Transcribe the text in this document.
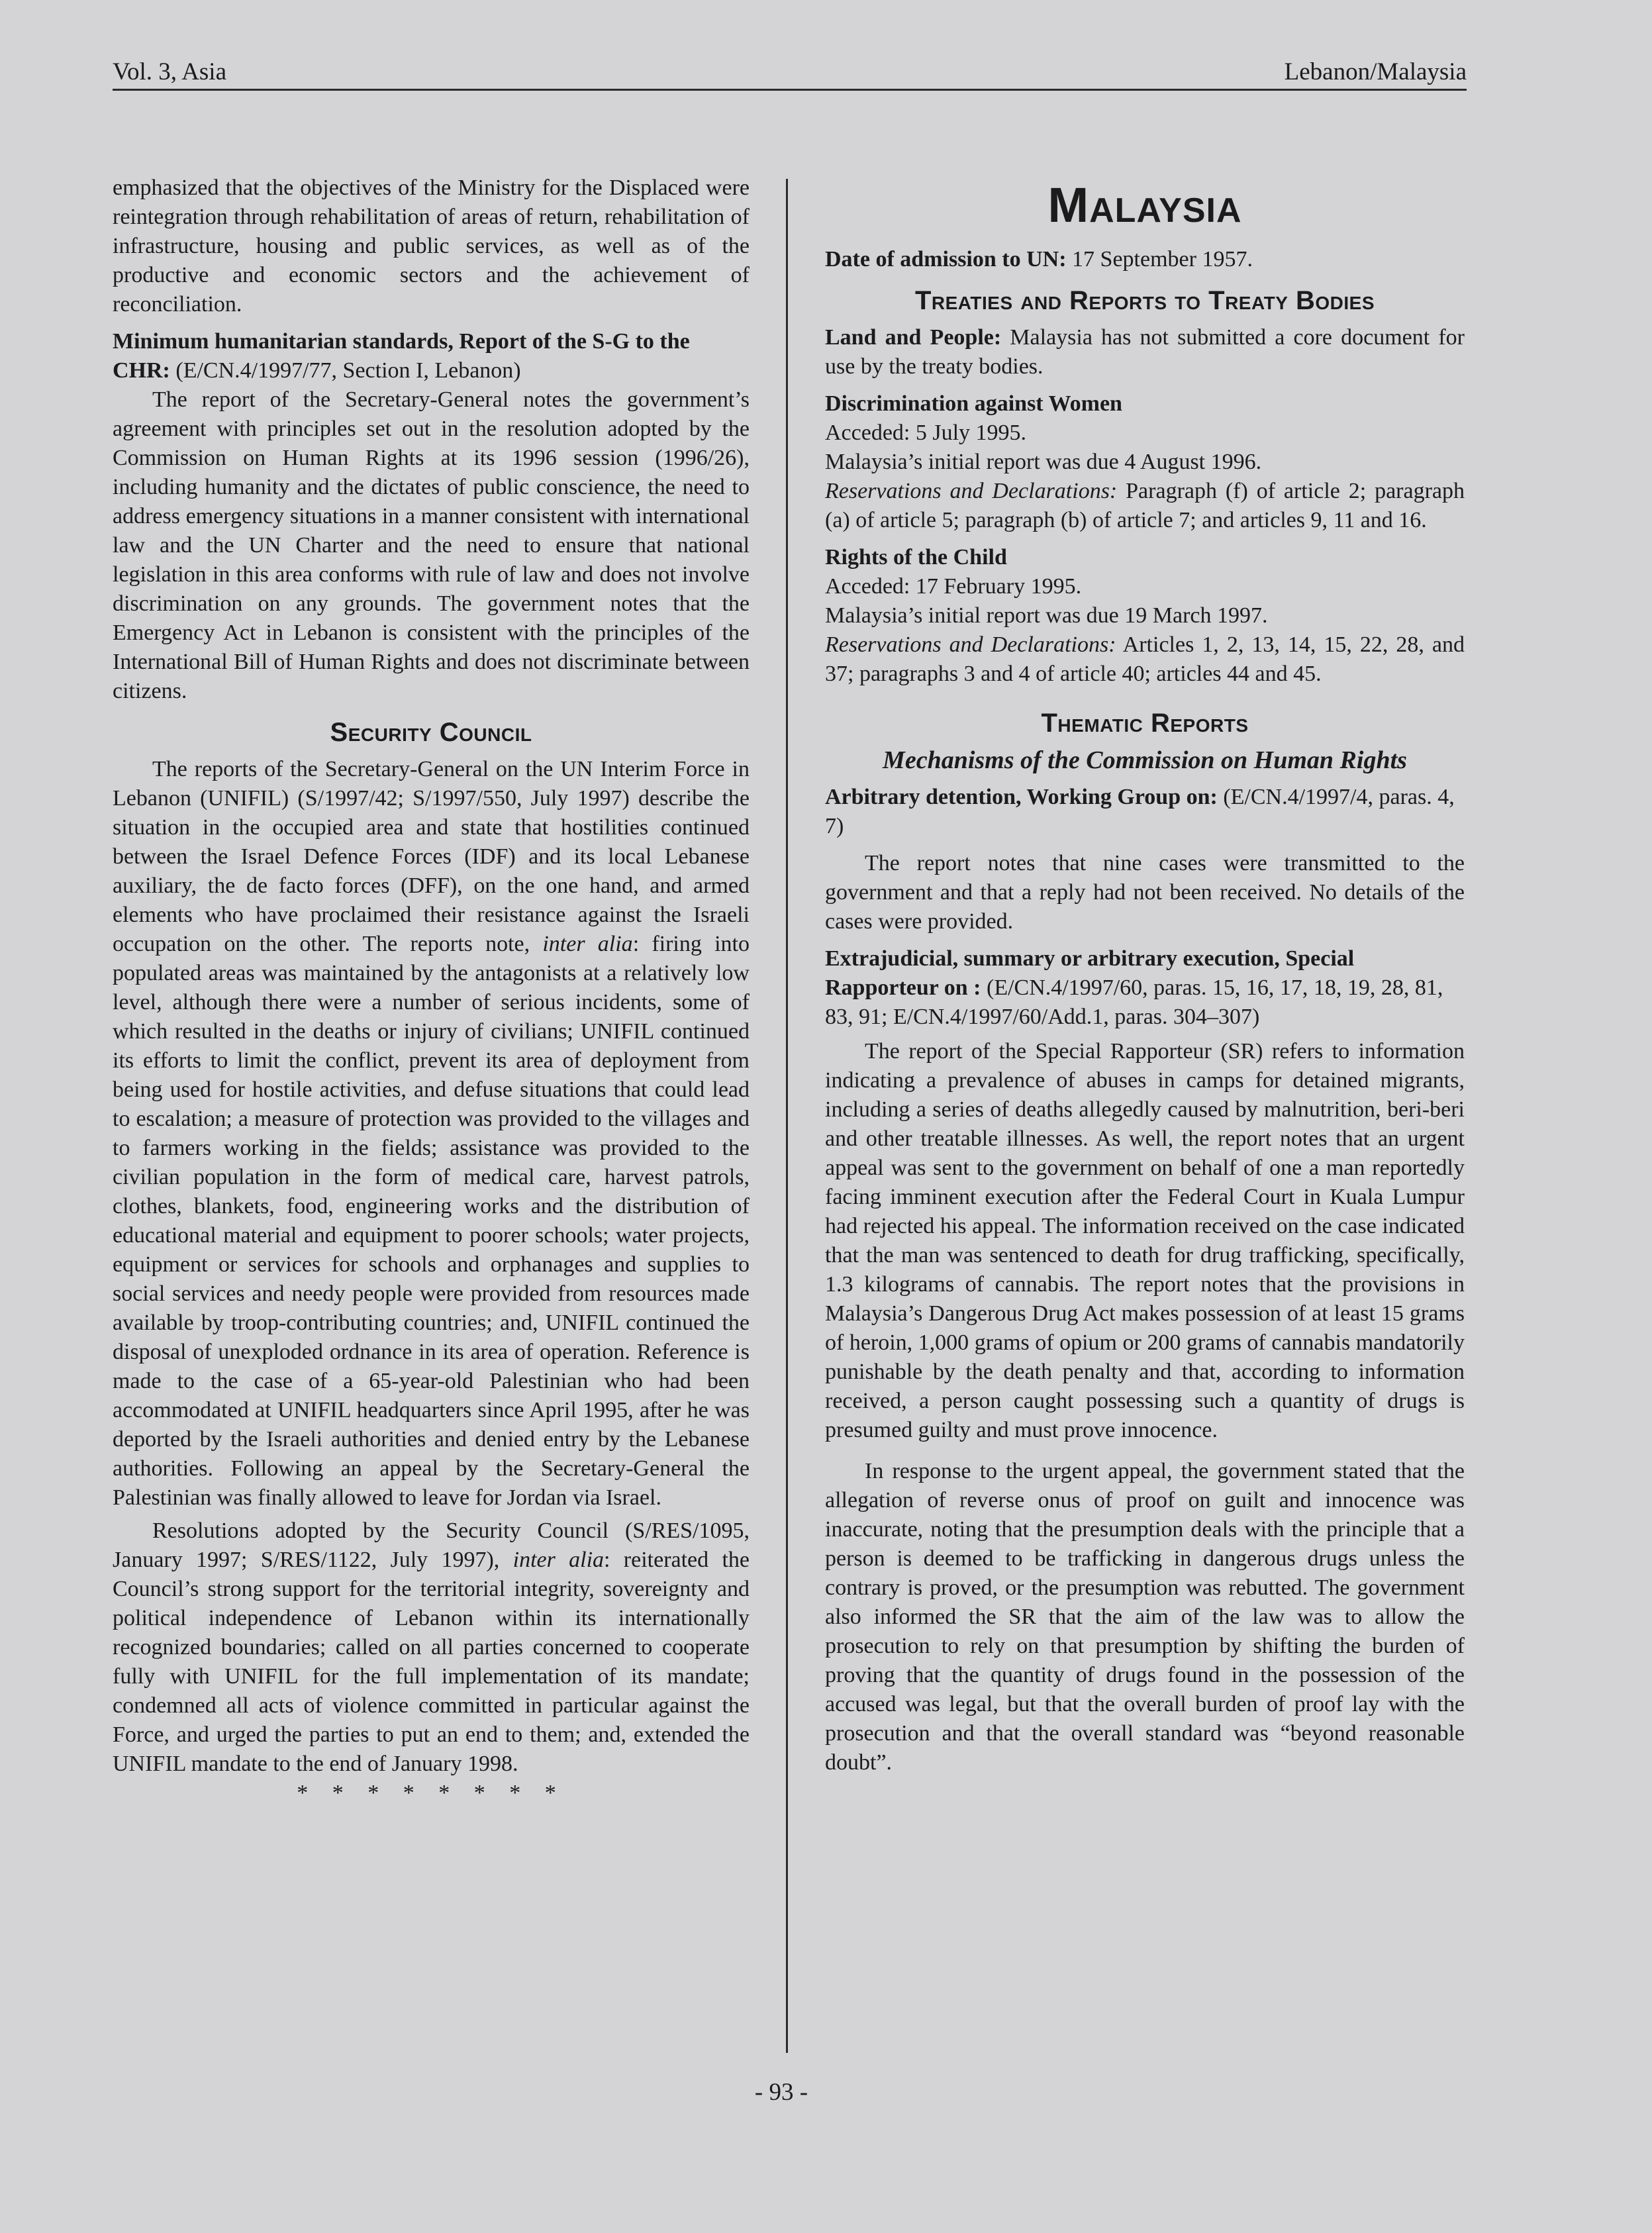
Vol. 3, Asia	Lebanon/Malaysia

emphasized that the objectives of the Ministry for the Displaced were reintegration through rehabilitation of areas of return, rehabilitation of infrastructure, housing and public services, as well as of the productive and economic sectors and the achievement of reconciliation.

Minimum humanitarian standards, Report of the S-G to the CHR: (E/CN.4/1997/77, Section I, Lebanon)

The report of the Secretary-General notes the government’s agreement with principles set out in the resolution adopted by the Commission on Human Rights at its 1996 session (1996/26), including humanity and the dictates of public conscience, the need to address emergency situations in a manner consistent with international law and the UN Charter and the need to ensure that national legislation in this area conforms with rule of law and does not involve discrimination on any grounds. The government notes that the Emergency Act in Lebanon is consistent with the principles of the International Bill of Human Rights and does not discriminate between citizens.

Security Council

The reports of the Secretary-General on the UN Interim Force in Lebanon (UNIFIL) (S/1997/42; S/1997/550, July 1997) describe the situation in the occupied area and state that hostilities continued between the Israel Defence Forces (IDF) and its local Lebanese auxiliary, the de facto forces (DFF), on the one hand, and armed elements who have proclaimed their resistance against the Israeli occupation on the other. The reports note, inter alia: firing into populated areas was maintained by the antagonists at a relatively low level, although there were a number of serious incidents, some of which resulted in the deaths or injury of civilians; UNIFIL continued its efforts to limit the conflict, prevent its area of deployment from being used for hostile activities, and defuse situations that could lead to escalation; a measure of protection was provided to the villages and to farmers working in the fields; assistance was provided to the civilian population in the form of medical care, harvest patrols, clothes, blankets, food, engineering works and the distribution of educational material and equipment to poorer schools; water projects, equipment or services for schools and orphanages and supplies to social services and needy people were provided from resources made available by troop-contributing countries; and, UNIFIL continued the disposal of unexploded ordnance in its area of operation. Reference is made to the case of a 65-year-old Palestinian who had been accommodated at UNIFIL headquarters since April 1995, after he was deported by the Israeli authorities and denied entry by the Lebanese authorities. Following an appeal by the Secretary-General the Palestinian was finally allowed to leave for Jordan via Israel.

Resolutions adopted by the Security Council (S/RES/1095, January 1997; S/RES/1122, July 1997), inter alia: reiterated the Council’s strong support for the territorial integrity, sovereignty and political independence of Lebanon within its internationally recognized boundaries; called on all parties concerned to cooperate fully with UNIFIL for the full implementation of its mandate; condemned all acts of violence committed in particular against the Force, and urged the parties to put an end to them; and, extended the UNIFIL mandate to the end of January 1998.

* * * * * * * *

Malaysia

Date of admission to UN: 17 September 1957.

Treaties and Reports to Treaty Bodies

Land and People: Malaysia has not submitted a core document for use by the treaty bodies.

Discrimination against Women

Acceded: 5 July 1995.

Malaysia’s initial report was due 4 August 1996.

Reservations and Declarations: Paragraph (f) of article 2; paragraph (a) of article 5; paragraph (b) of article 7; and articles 9, 11 and 16.

Rights of the Child

Acceded: 17 February 1995.

Malaysia’s initial report was due 19 March 1997.

Reservations and Declarations: Articles 1, 2, 13, 14, 15, 22, 28, and 37; paragraphs 3 and 4 of article 40; articles 44 and 45.

Thematic Reports

Mechanisms of the Commission on Human Rights

Arbitrary detention, Working Group on: (E/CN.4/1997/4, paras. 4, 7)

The report notes that nine cases were transmitted to the government and that a reply had not been received. No details of the cases were provided.

Extrajudicial, summary or arbitrary execution, Special Rapporteur on : (E/CN.4/1997/60, paras. 15, 16, 17, 18, 19, 28, 81, 83, 91; E/CN.4/1997/60/Add.1, paras. 304–307)

The report of the Special Rapporteur (SR) refers to information indicating a prevalence of abuses in camps for detained migrants, including a series of deaths allegedly caused by malnutrition, beri-beri and other treatable illnesses. As well, the report notes that an urgent appeal was sent to the government on behalf of one a man reportedly facing imminent execution after the Federal Court in Kuala Lumpur had rejected his appeal. The information received on the case indicated that the man was sentenced to death for drug trafficking, specifically, 1.3 kilograms of cannabis. The report notes that the provisions in Malaysia’s Dangerous Drug Act makes possession of at least 15 grams of heroin, 1,000 grams of opium or 200 grams of cannabis mandatorily punishable by the death penalty and that, according to information received, a person caught possessing such a quantity of drugs is presumed guilty and must prove innocence.

In response to the urgent appeal, the government stated that the allegation of reverse onus of proof on guilt and innocence was inaccurate, noting that the presumption deals with the principle that a person is deemed to be trafficking in dangerous drugs unless the contrary is proved, or the presumption was rebutted. The government also informed the SR that the aim of the law was to allow the prosecution to rely on that presumption by shifting the burden of proving that the quantity of drugs found in the possession of the accused was legal, but that the overall burden of proof lay with the prosecution and that the overall standard was “beyond reasonable doubt”.

- 93 -
